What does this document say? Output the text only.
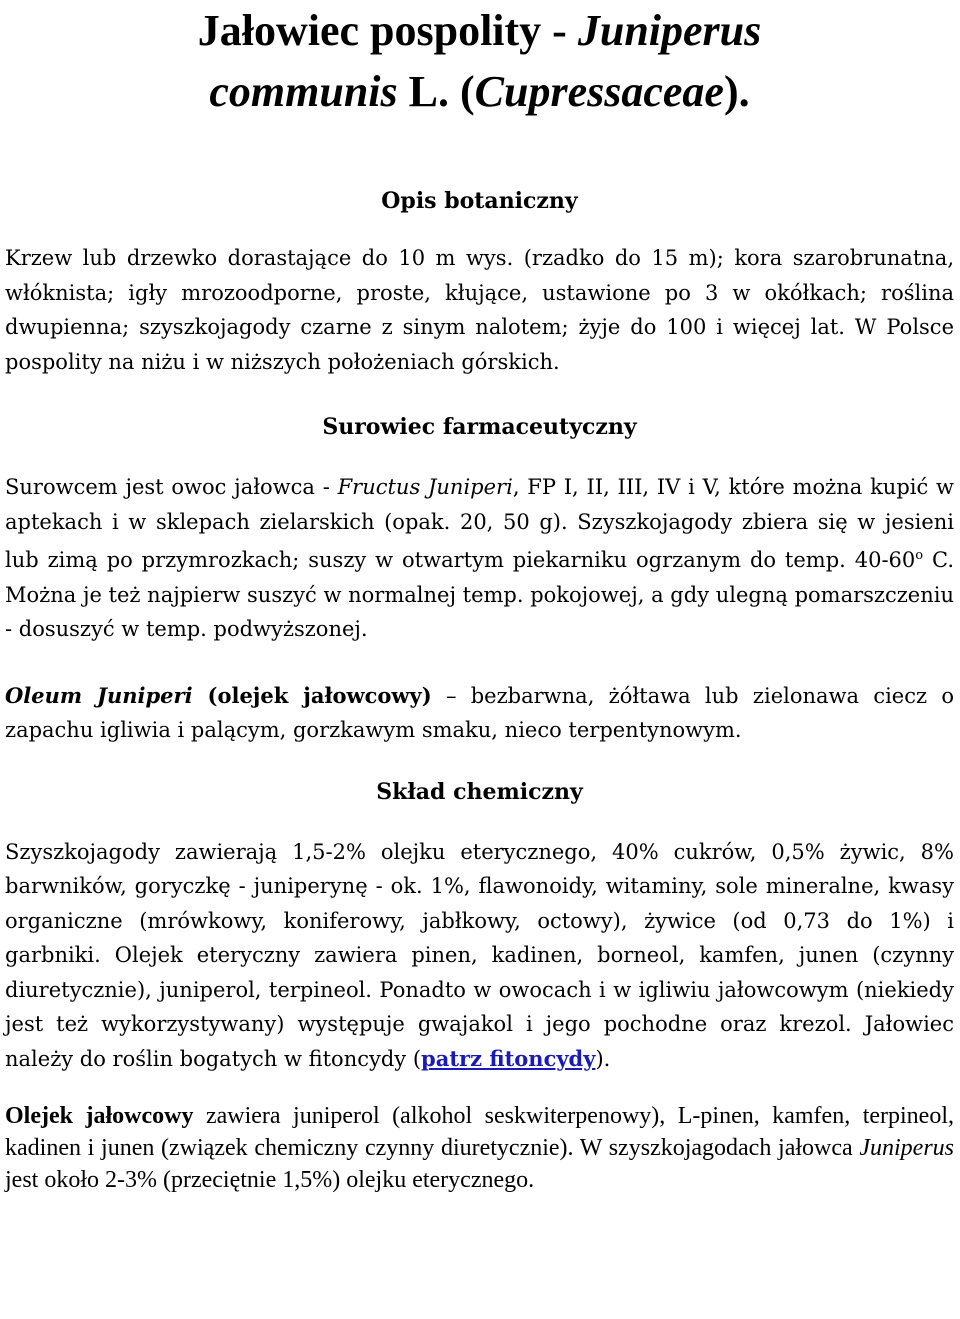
Jałowiec pospolity - Juniperus
communis L. (Cupressaceae).
Opis botaniczny

Krzew lub drzewko dorastające do 10 m wys. (rzadko do 15 m); kora szarobrunatna, włóknista; igły mrozoodporne, proste, kłujące, ustawione po 3 w okółkach; roślina dwupienna; szyszkojagody czarne z sinym nalotem; żyje do 100 i więcej lat. W Polsce pospolity na niżu i w niższych położeniach górskich.

Surowiec farmaceutyczny

Surowcem jest owoc jałowca - Fructus Juniperi, FP I, II, III, IV i V, które można kupić w aptekach i w sklepach zielarskich (opak. 20, 50 g). Szyszkojagody zbiera się w jesieni lub zimą po przymrozkach; suszy w otwartym piekarniku ogrzanym do temp. 40-60$^o$ C. Można je też najpierw suszyć w normalnej temp. pokojowej, a gdy ulegną pomarszczeniu - dosuszyć w temp. podwyższonej.

Oleum Juniperi (olejek jałowcowy) – bezbarwna, żółtawa lub zielonawa ciecz o zapachu igliwia i palącym, gorzkawym smaku, nieco terpentynowym.

Skład chemiczny

Szyszkojagody zawierają 1,5-2% olejku eterycznego, 40% cukrów, 0,5% żywic, 8% barwników, goryczkę - juniperynę - ok. 1%, flawonoidy, witaminy, sole mineralne, kwasy organiczne (mrówkowy, koniferowy, jabłkowy, octowy), żywice (od 0,73 do 1%) i garbniki. Olejek eteryczny zawiera pinen, kadinen, borneol, kamfen, junen (czynny diuretycznie), juniperol, terpineol. Ponadto w owocach i w igliwiu jałowcowym (niekiedy jest też wykorzystywany) występuje gwajakol i jego pochodne oraz krezol. Jałowiec należy do roślin bogatych w fitoncydy (patrz fitoncydy).

Olejek jałowcowy zawiera juniperol (alkohol seskwiterpenowy), L-pinen, kamfen, terpineol, kadinen i junen (związek chemiczny czynny diuretycznie). W szyszkojagodach jałowca Juniperus jest około 2-3% (przeciętnie 1,5%) olejku eterycznego.
